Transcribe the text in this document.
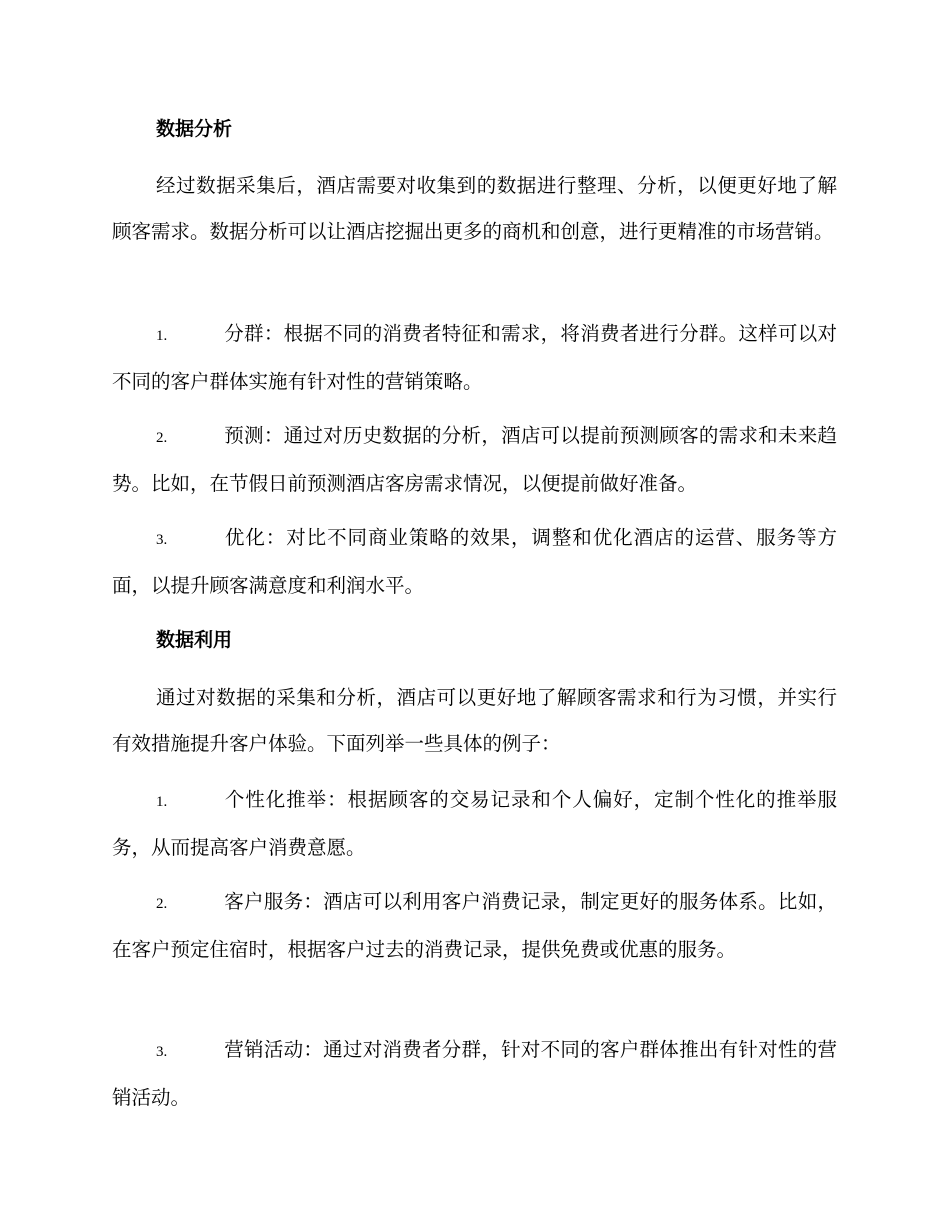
数据分析
经过数据采集后，酒店需要对收集到的数据进行整理、分析，以便更好地了解顾客需求。数据分析可以让酒店挖掘出更多的商机和创意，进行更精准的市场营销。
1.	分群：根据不同的消费者特征和需求，将消费者进行分群。这样可以对不同的客户群体实施有针对性的营销策略。
2.	预测：通过对历史数据的分析，酒店可以提前预测顾客的需求和未来趋势。比如，在节假日前预测酒店客房需求情况，以便提前做好准备。
3.	优化：对比不同商业策略的效果，调整和优化酒店的运营、服务等方面，以提升顾客满意度和利润水平。
数据利用
通过对数据的采集和分析，酒店可以更好地了解顾客需求和行为习惯，并实行有效措施提升客户体验。下面列举一些具体的例子：
1.	个性化推举：根据顾客的交易记录和个人偏好，定制个性化的推举服务，从而提高客户消费意愿。
2.	客户服务：酒店可以利用客户消费记录，制定更好的服务体系。比如，在客户预定住宿时，根据客户过去的消费记录，提供免费或优惠的服务。
3.	营销活动：通过对消费者分群，针对不同的客户群体推出有针对性的营销活动。
